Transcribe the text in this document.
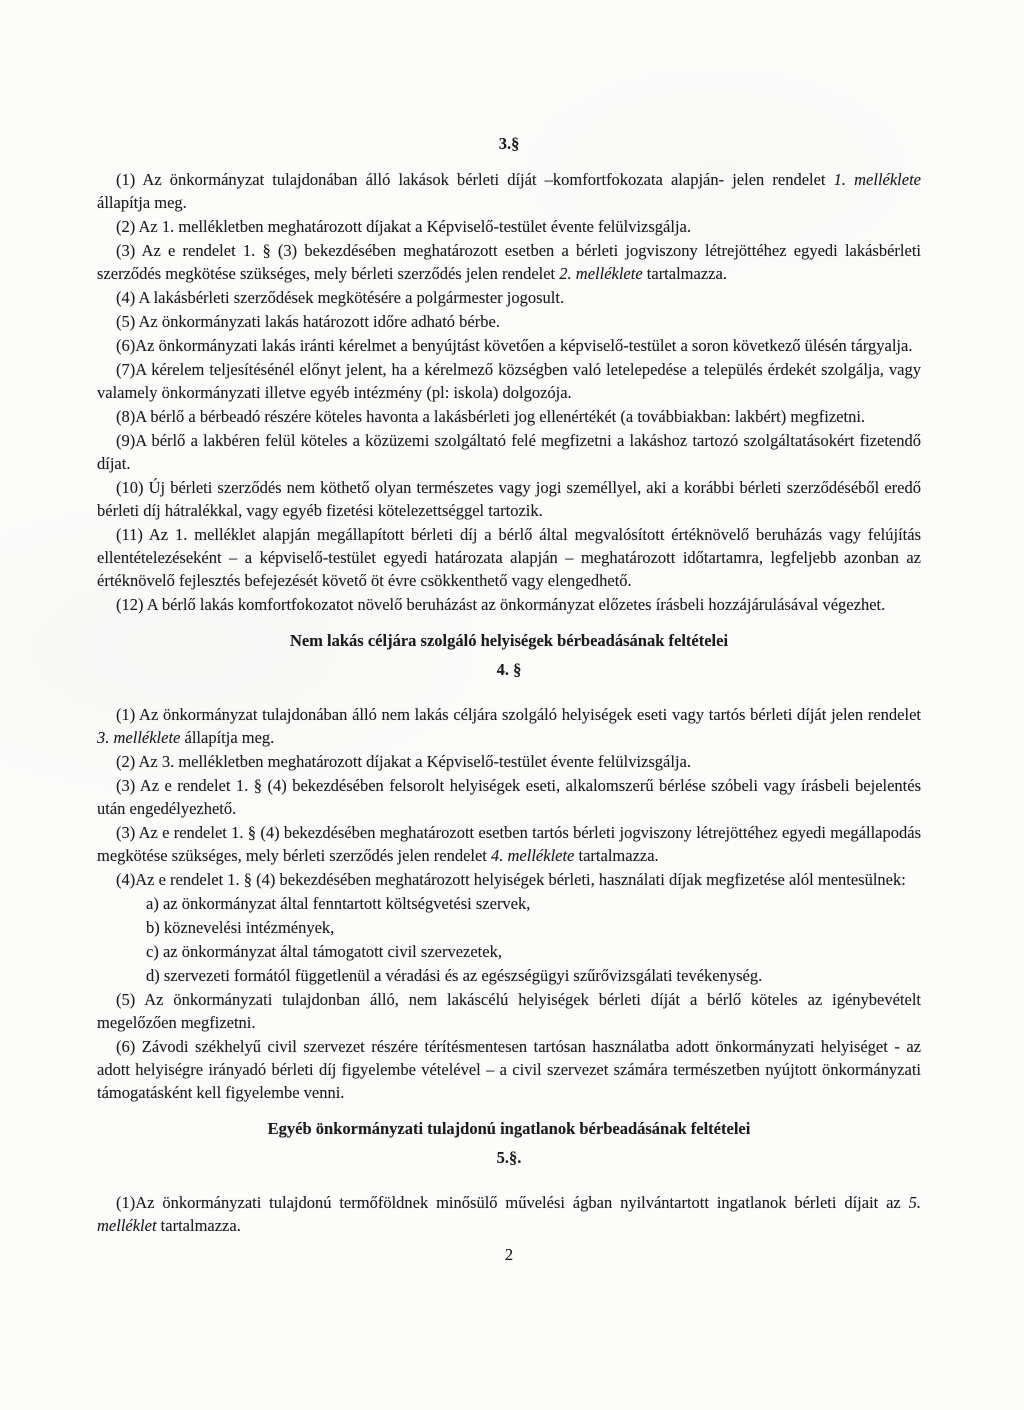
3.§

(1) Az önkormányzat tulajdonában álló lakások bérleti díját –komfortfokozata alapján- jelen rendelet 1. melléklete állapítja meg.

(2) Az 1. mellékletben meghatározott díjakat a Képviselő-testület évente felülvizsgálja.

(3) Az e rendelet 1. § (3) bekezdésében meghatározott esetben a bérleti jogviszony létrejöttéhez egyedi lakásbérleti szerződés megkötése szükséges, mely bérleti szerződés jelen rendelet 2. melléklete tartalmazza.

(4) A lakásbérleti szerződések megkötésére a polgármester jogosult.

(5) Az önkormányzati lakás határozott időre adható bérbe.

(6)Az önkormányzati lakás iránti kérelmet a benyújtást követően a képviselő-testület a soron következő ülésén tárgyalja.

(7)A kérelem teljesítésénél előnyt jelent, ha a kérelmező községben való letelepedése a település érdekét szolgálja, vagy valamely önkormányzati illetve egyéb intézmény (pl: iskola) dolgozója.

(8)A bérlő a bérbeadó részére köteles havonta a lakásbérleti jog ellenértékét (a továbbiakban: lakbért) megfizetni.

(9)A bérlő a lakbéren felül köteles a közüzemi szolgáltató felé megfizetni a lakáshoz tartozó szolgáltatásokért fizetendő díjat.

(10) Új bérleti szerződés nem köthető olyan természetes vagy jogi személlyel, aki a korábbi bérleti szerződéséből eredő bérleti díj hátralékkal, vagy egyéb fizetési kötelezettséggel tartozik.

(11) Az 1. melléklet alapján megállapított bérleti díj a bérlő által megvalósított értéknövelő beruházás vagy felújítás ellentételezéseként – a képviselő-testület egyedi határozata alapján – meghatározott időtartamra, legfeljebb azonban az értéknövelő fejlesztés befejezését követő öt évre csökkenthető vagy elengedhető.

(12) A bérlő lakás komfortfokozatot növelő beruházást az önkormányzat előzetes írásbeli hozzájárulásával végezhet.

Nem lakás céljára szolgáló helyiségek bérbeadásának feltételei
4. §

(1) Az önkormányzat tulajdonában álló nem lakás céljára szolgáló helyiségek eseti vagy tartós bérleti díját jelen rendelet 3. melléklete állapítja meg.

(2) Az 3. mellékletben meghatározott díjakat a Képviselő-testület évente felülvizsgálja.

(3) Az e rendelet 1. § (4) bekezdésében felsorolt helyiségek eseti, alkalomszerű bérlése szóbeli vagy írásbeli bejelentés után engedélyezhető.

(3) Az e rendelet 1. § (4) bekezdésében meghatározott esetben tartós bérleti jogviszony létrejöttéhez egyedi megállapodás megkötése szükséges, mely bérleti szerződés jelen rendelet 4. melléklete tartalmazza.

(4)Az e rendelet 1. § (4) bekezdésében meghatározott helyiségek bérleti, használati díjak megfizetése alól mentesülnek:

a) az önkormányzat által fenntartott költségvetési szervek,

b) köznevelési intézmények,

c) az önkormányzat által támogatott civil szervezetek,

d) szervezeti formától függetlenül a véradási és az egészségügyi szűrővizsgálati tevékenység.

(5) Az önkormányzati tulajdonban álló, nem lakáscélú helyiségek bérleti díját a bérlő köteles az igénybevételt megelőzően megfizetni.

(6) Závodi székhelyű civil szervezet részére térítésmentesen tartósan használatba adott önkormányzati helyiséget - az adott helyiségre irányadó bérleti díj figyelembe vételével – a civil szervezet számára természetben nyújtott önkormányzati támogatásként kell figyelembe venni.

Egyéb önkormányzati tulajdonú ingatlanok bérbeadásának feltételei
5.§.

(1)Az önkormányzati tulajdonú termőföldnek minősülő művelési ágban nyilvántartott ingatlanok bérleti díjait az 5. melléklet tartalmazza.

2
